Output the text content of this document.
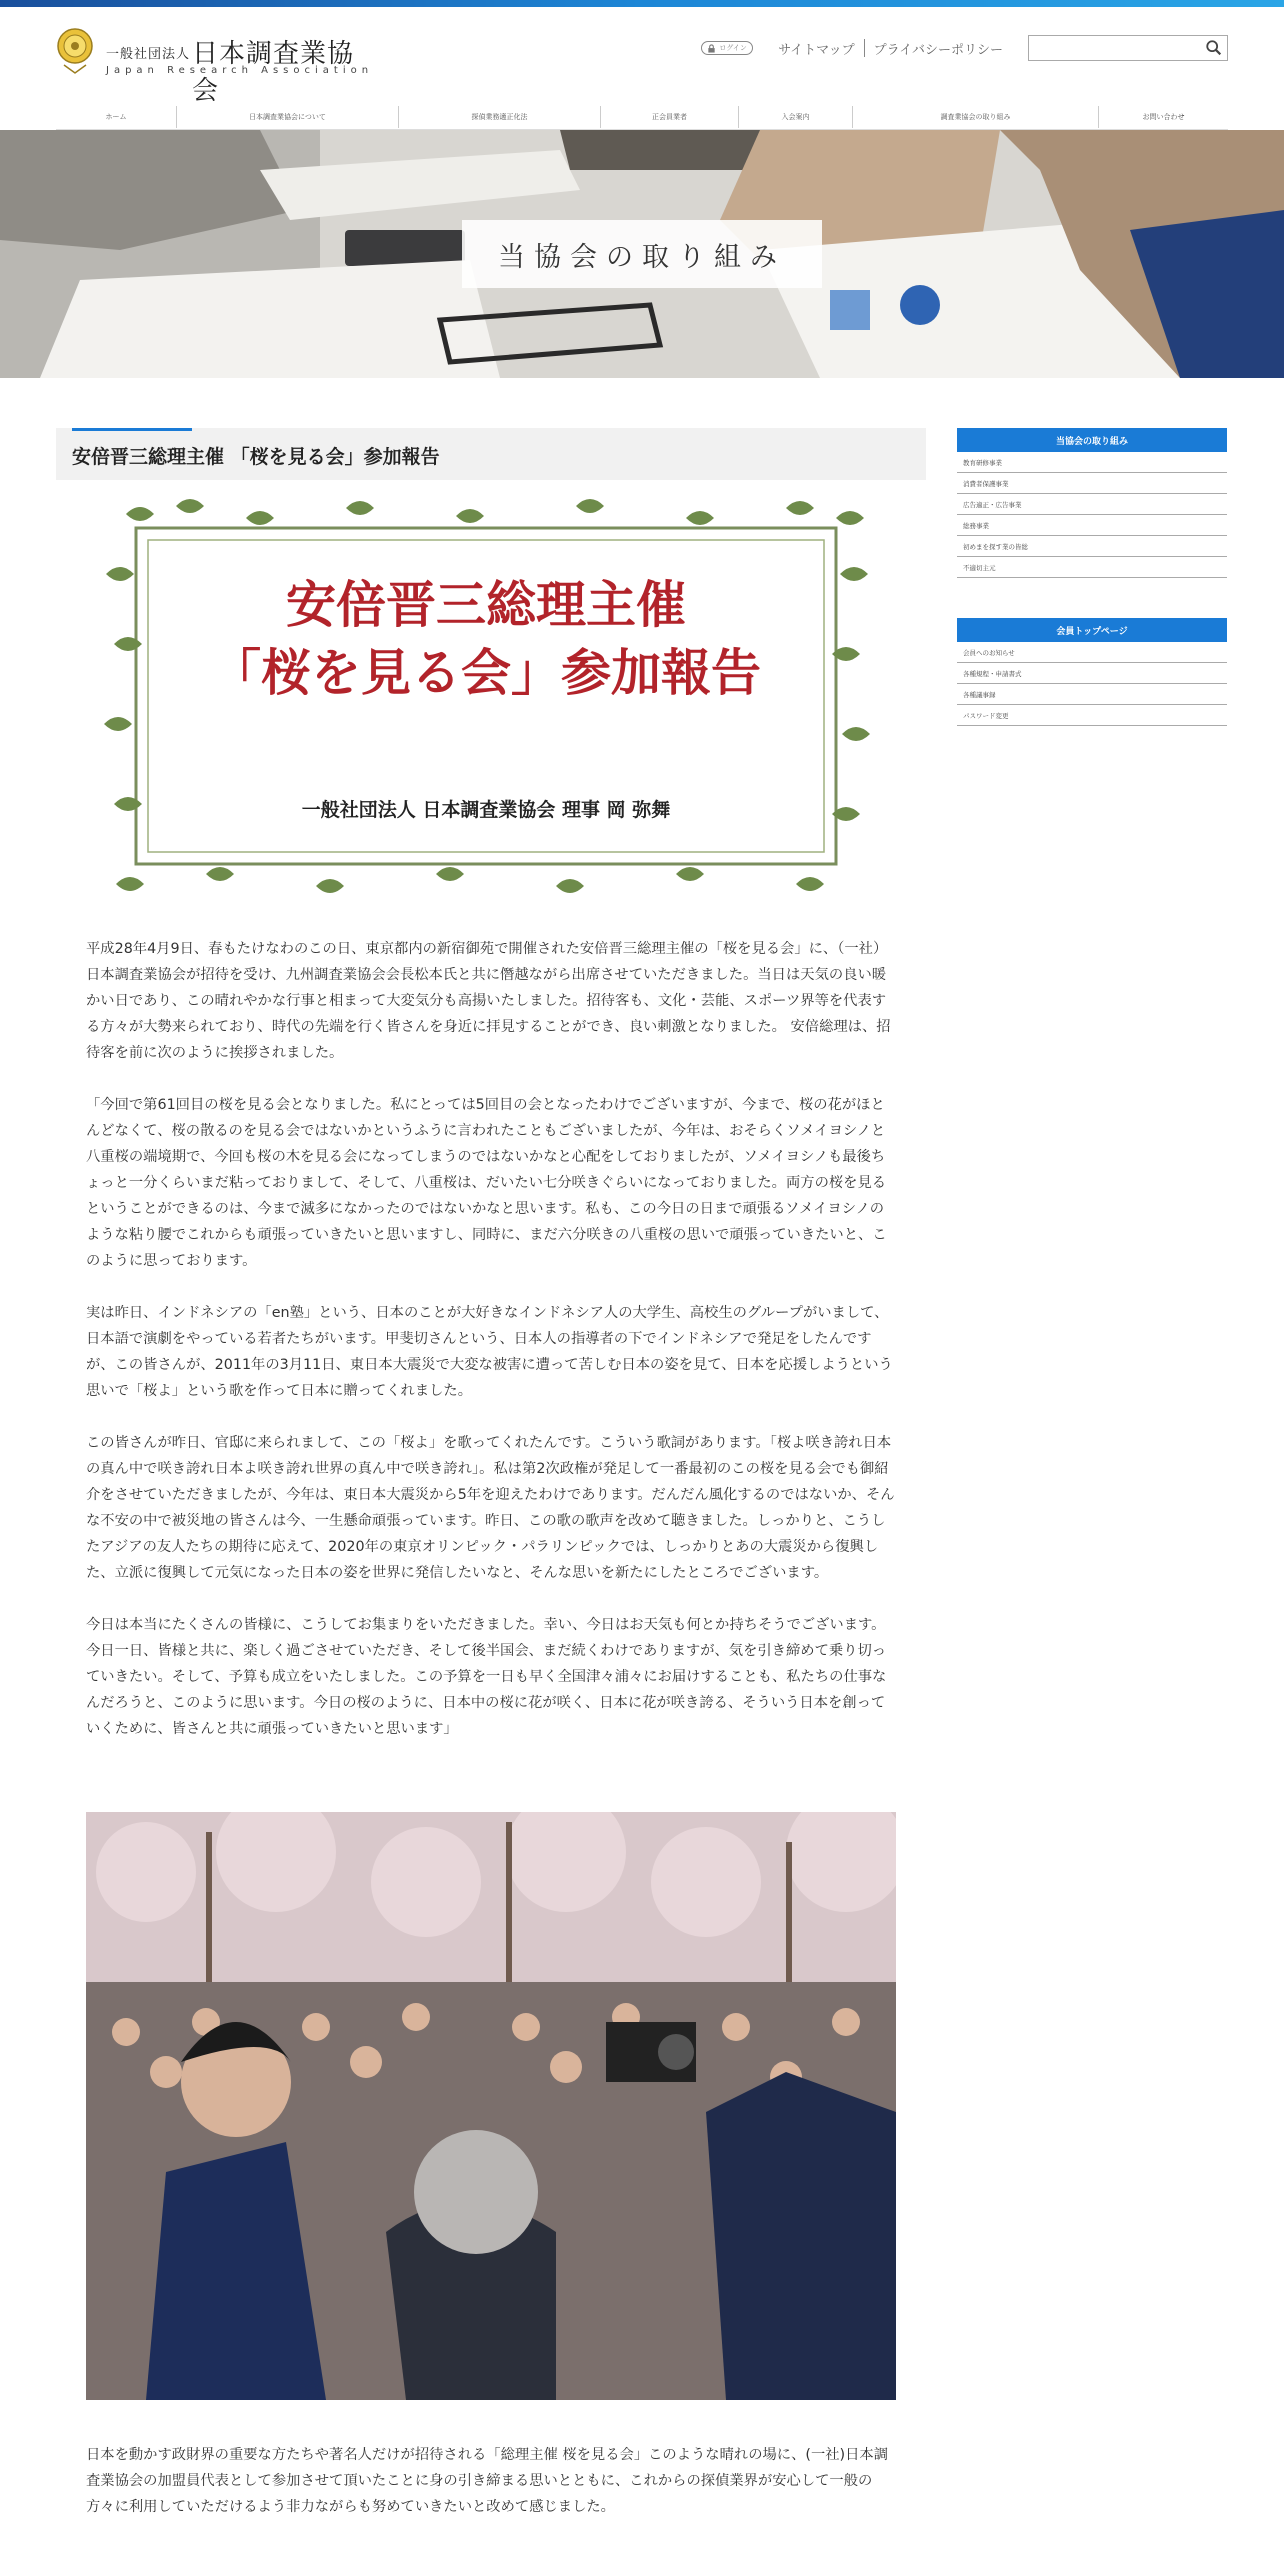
一般社団法人 日本調査業協会
Japan Research Association
ログイン	サイトマップ	プライバシーポリシー
ホーム	日本調査業協会について	探偵業務適正化法	正会員業者	入会案内	調査業協会の取り組み	お問い合わせ
当協会の取り組み
安倍晋三総理主催 「桜を見る会」参加報告
安倍晋三総理主催
「桜を見る会」参加報告
一般社団法人 日本調査業協会 理事 岡 弥舞

平成28年4月9日、春もたけなわのこの日、東京都内の新宿御苑で開催された安倍晋三総理主催の「桜を見る会」に、（一社）日本調査業協会が招待を受け、九州調査業協会会長松本氏と共に僭越ながら出席させていただきました。当日は天気の良い暖かい日であり、この晴れやかな行事と相まって大変気分も高揚いたしました。招待客も、文化・芸能、スポーツ界等を代表する方々が大勢来られており、時代の先端を行く皆さんを身近に拝見することができ、良い刺激となりました。 安倍総理は、招待客を前に次のように挨拶されました。

「今回で第61回目の桜を見る会となりました。私にとっては5回目の会となったわけでございますが、今まで、桜の花がほとんどなくて、桜の散るのを見る会ではないかというふうに言われたこともございましたが、今年は、おそらくソメイヨシノと八重桜の端境期で、今回も桜の木を見る会になってしまうのではないかなと心配をしておりましたが、ソメイヨシノも最後ちょっと一分くらいまだ粘っておりまして、そして、八重桜は、だいたい七分咲きぐらいになっておりました。両方の桜を見るということができるのは、今まで滅多になかったのではないかなと思います。私も、この今日の日まで頑張るソメイヨシノのような粘り腰でこれからも頑張っていきたいと思いますし、同時に、まだ六分咲きの八重桜の思いで頑張っていきたいと、このように思っております。

実は昨日、インドネシアの「en塾」という、日本のことが大好きなインドネシア人の大学生、高校生のグループがいまして、日本語で演劇をやっている若者たちがいます。甲斐切さんという、日本人の指導者の下でインドネシアで発足をしたんですが、この皆さんが、2011年の3月11日、東日本大震災で大変な被害に遭って苦しむ日本の姿を見て、日本を応援しようという思いで「桜よ」という歌を作って日本に贈ってくれました。

この皆さんが昨日、官邸に来られまして、この「桜よ」を歌ってくれたんです。こういう歌詞があります。「桜よ咲き誇れ日本の真ん中で咲き誇れ日本よ咲き誇れ世界の真ん中で咲き誇れ」。私は第2次政権が発足して一番最初のこの桜を見る会でも御紹介をさせていただきましたが、今年は、東日本大震災から5年を迎えたわけであります。だんだん風化するのではないか、そんな不安の中で被災地の皆さんは今、一生懸命頑張っています。昨日、この歌の歌声を改めて聴きました。しっかりと、こうしたアジアの友人たちの期待に応えて、2020年の東京オリンピック・パラリンピックでは、しっかりとあの大震災から復興した、立派に復興して元気になった日本の姿を世界に発信したいなと、そんな思いを新たにしたところでございます。

今日は本当にたくさんの皆様に、こうしてお集まりをいただきました。幸い、今日はお天気も何とか持ちそうでございます。今日一日、皆様と共に、楽しく過ごさせていただき、そして後半国会、まだ続くわけでありますが、気を引き締めて乗り切っていきたい。そして、予算も成立をいたしました。この予算を一日も早く全国津々浦々にお届けすることも、私たちの仕事なんだろうと、このように思います。今日の桜のように、日本中の桜に花が咲く、日本に花が咲き誇る、そういう日本を創っていくために、皆さんと共に頑張っていきたいと思います」

日本を動かす政財界の重要な方たちや著名人だけが招待される「総理主催 桜を見る会」このような晴れの場に、(一社)日本調査業協会の加盟員代表として参加させて頂いたことに身の引き締まる思いとともに、これからの探偵業界が安心して一般の方々に利用していただけるよう非力ながらも努めていきたいと改めて感じました。

当協会の取り組み
教育研修事業
消費者保護事業
広告適正・広告事業
総務事業
初めまを探す業の皆総
不適切主元
会員トップページ
会員へのお知らせ
各種規程・申請書式
各種議事録
パスワード変更
